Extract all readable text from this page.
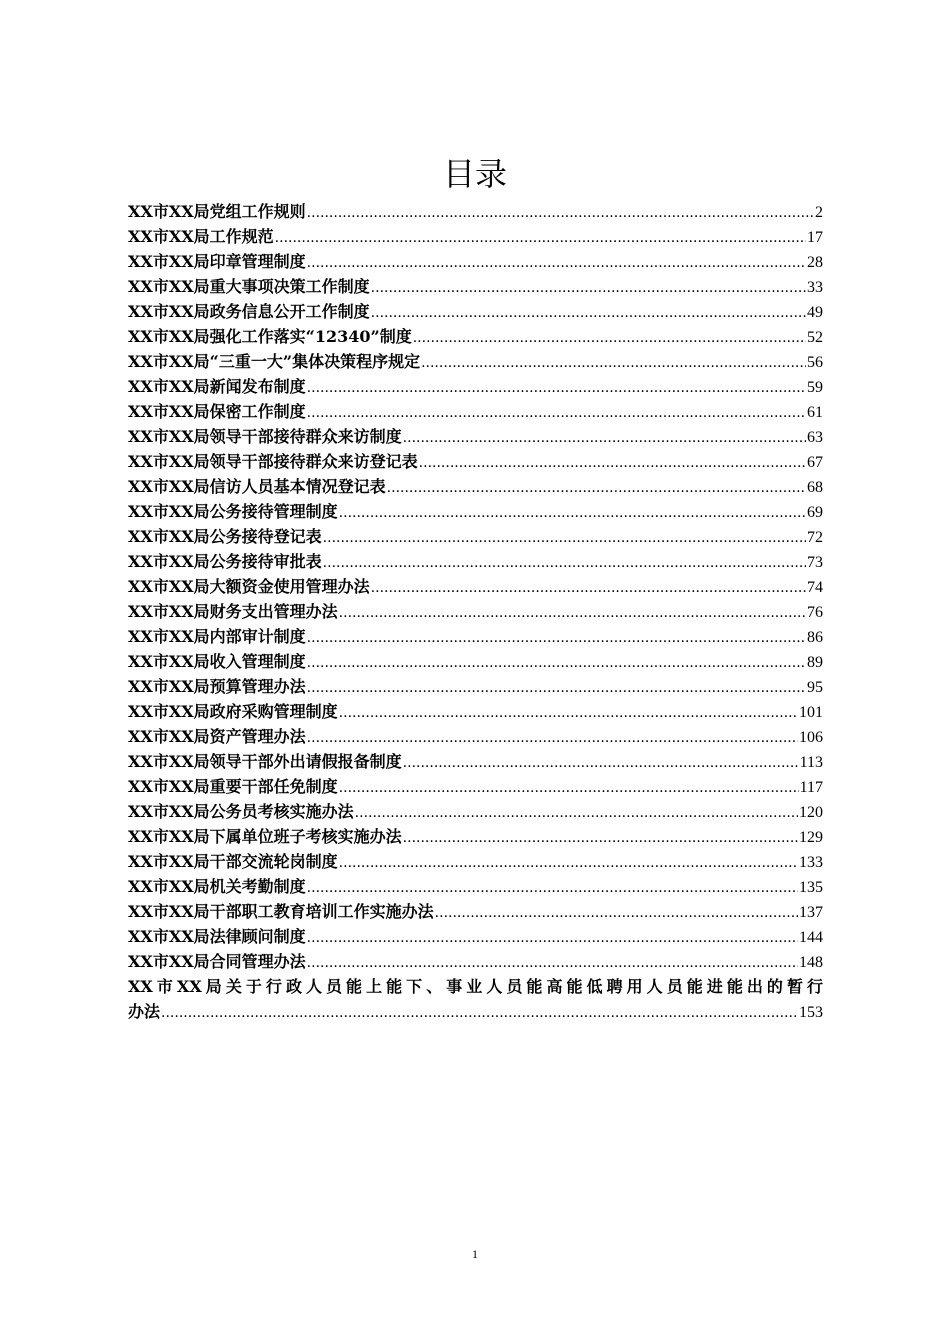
目录
XX市XX局党组工作规则 .....	2
XX市XX局工作规范 .....	17
XX市XX局印章管理制度 .....	28
XX市XX局重大事项决策工作制度 .....	33
XX市XX局政务信息公开工作制度 .....	49
XX市XX局强化工作落实“12340”制度 .....	52
XX市XX局“三重一大”集体决策程序规定 .....	56
XX市XX局新闻发布制度 .....	59
XX市XX局保密工作制度 .....	61
XX市XX局领导干部接待群众来访制度 .....	63
XX市XX局领导干部接待群众来访登记表 .....	67
XX市XX局信访人员基本情况登记表 .....	68
XX市XX局公务接待管理制度 .....	69
XX市XX局公务接待登记表 .....	72
XX市XX局公务接待审批表 .....	73
XX市XX局大额资金使用管理办法 .....	74
XX市XX局财务支出管理办法 .....	76
XX市XX局内部审计制度 .....	86
XX市XX局收入管理制度 .....	89
XX市XX局预算管理办法 .....	95
XX市XX局政府采购管理制度 .....	101
XX市XX局资产管理办法 .....	106
XX市XX局领导干部外出请假报备制度 .....	113
XX市XX局重要干部任免制度 .....	117
XX市XX局公务员考核实施办法 .....	120
XX市XX局下属单位班子考核实施办法 .....	129
XX市XX局干部交流轮岗制度 .....	133
XX市XX局机关考勤制度 .....	135
XX市XX局干部职工教育培训工作实施办法 .....	137
XX市XX局法律顾问制度 .....	144
XX市XX局合同管理办法 .....	148
XX市XX局关于行政人员能上能下、事业人员能高能低聘用人员能进能出的暂行
办法 .....	153
1
